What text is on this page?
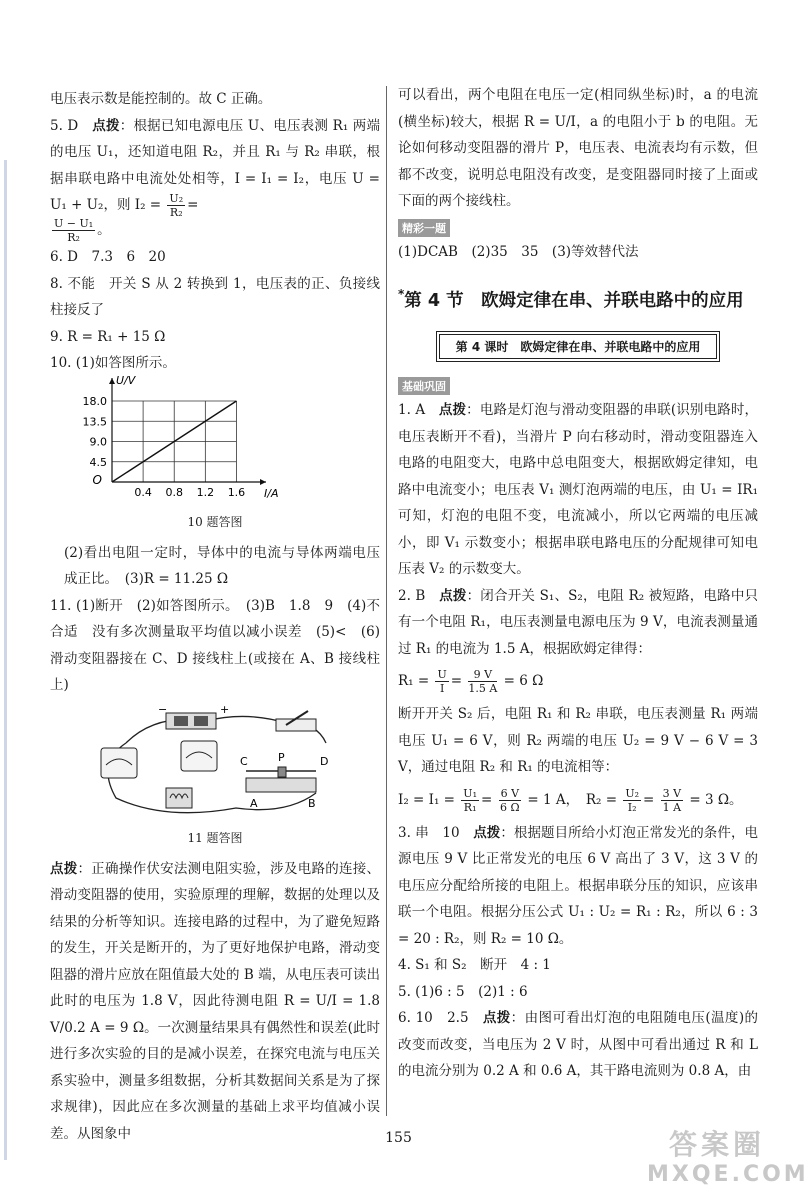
电压表示数是能控制的。故 C 正确。

5. D　 点拨：根据已知电源电压 U、电压表测 R₁ 两端的电压 U₁，还知道电阻 R₂，并且 R₁ 与 R₂ 串联，根据串联电路中电流处处相等，I = I₁ = I₂，电压 U = U₁ + U₂，则 $I_2 = \frac{\text{U₂}}{\text{R₂}}$ =

$\frac{\text{U − U₁}}{\text{R₂}}$ 。

6. D　7.3　6　20

8. 不能　开关 S 从 2 转换到 1，电压表的正、负接线柱接反了

9. R = R₁ + 15 Ω

10. (1)如答图所示。

0.4 0.8 1.2 1.6
4.5
9.0
13.5
18.0
O
I/A
U/V
10 题答图

(2)看出电阻一定时，导体中的电流与导体两端电压成正比。　(3)R = 11.25 Ω

11. (1)断开　(2)如答图所示。　(3)B　1.8　9　(4)不合适　没有多次测量取平均值以减小误差　(5)<　(6)滑动变阻器接在 C、D 接线柱上(或接在 A、B 接线柱上)

−	+
C	P	D
A	B
11 题答图

点拨：正确操作伏安法测电阻实验，涉及电路的连接、滑动变阻器的使用，实验原理的理解，数据的处理以及结果的分析等知识。连接电路的过程中，为了避免短路的发生，开关是断开的，为了更好地保护电路，滑动变阻器的滑片应放在阻值最大处的 B 端，从电压表可读出此时的电压为 1.8 V，因此待测电阻 R = U/I = 1.8 V/0.2 A = 9 Ω。一次测量结果具有偶然性和误差(此时进行多次实验的目的是减小误差，在探究电流与电压关系实验中，测量多组数据，分析其数据间关系是为了探求规律)，因此应在多次测量的基础上求平均值减小误差。从图象中

可以看出，两个电阻在电压一定(相同纵坐标)时，a 的电流(横坐标)较大，根据 R = U/I，a 的电阻小于 b 的电阻。无论如何移动变阻器的滑片 P，电压表、电流表均有示数，但都不改变，说明总电阻没有改变，是变阻器同时接了上面或下面的两个接线柱。

精彩一题

(1)DCAB　(2)35　35　(3)等效替代法

*第 4 节　欧姆定律在串、并联电路中的应用
第 4 课时　欧姆定律在串、并联电路中的应用
基础巩固

1. A　 点拨：电路是灯泡与滑动变阻器的串联(识别电路时，电压表断开不看)，当滑片 P 向右移动时，滑动变阻器连入电路的电阻变大，电路中总电阻变大，根据欧姆定律知，电路中电流变小；电压表 V₁ 测灯泡两端的电压，由 U₁ = IR₁ 可知，灯泡的电阻不变，电流减小，所以它两端的电压减小，即 V₁ 示数变小；根据串联电路电压的分配规律可知电压表 V₂ 的示数变大。

2. B　 点拨：闭合开关 S₁、S₂，电阻 R₂ 被短路，电路中只有一个电阻 R₁，电压表测量电源电压为 9 V，电流表测量通过 R₁ 的电流为 1.5 A，根据欧姆定律得：

$R_1 = \frac{U}{I} = \frac{9 V}{1.5 A} = 6$ Ω

断开开关 S₂ 后，电阻 R₁ 和 R₂ 串联，电压表测量 R₁ 两端电压 U₁ = 6 V，则 R₂ 两端的电压 U₂ = 9 V − 6 V = 3 V，通过电阻 R₂ 和 R₁ 的电流相等：

$I_2 = I_1 = \frac{\text{U₁}}{\text{R₁}} = \frac{6 V}{6 \Omega} = 1$ A，　$R_2 = \frac{\text{U₂}}{\text{I₂}} = \frac{3 V}{1 A} = 3$ Ω。

3. 串　10　 点拨：根据题目所给小灯泡正常发光的条件，电源电压 9 V 比正常发光的电压 6 V 高出了 3 V，这 3 V 的电压应分配给所接的电阻上。根据串联分压的知识，应该串联一个电阻。根据分压公式 U₁ : U₂ = R₁ : R₂，所以 6 : 3 = 20 : R₂，则 R₂ = 10 Ω。

4. S₁ 和 S₂　断开　4 : 1

5. (1)6 : 5　(2)1 : 6

6. 10　2.5　 点拨：由图可看出灯泡的电阻随电压(温度)的改变而改变，当电压为 2 V 时，从图中可看出通过 R 和 L 的电流分别为 0.2 A 和 0.6 A，其干路电流则为 0.8 A，由

155	答案圈
MXQE.COM
